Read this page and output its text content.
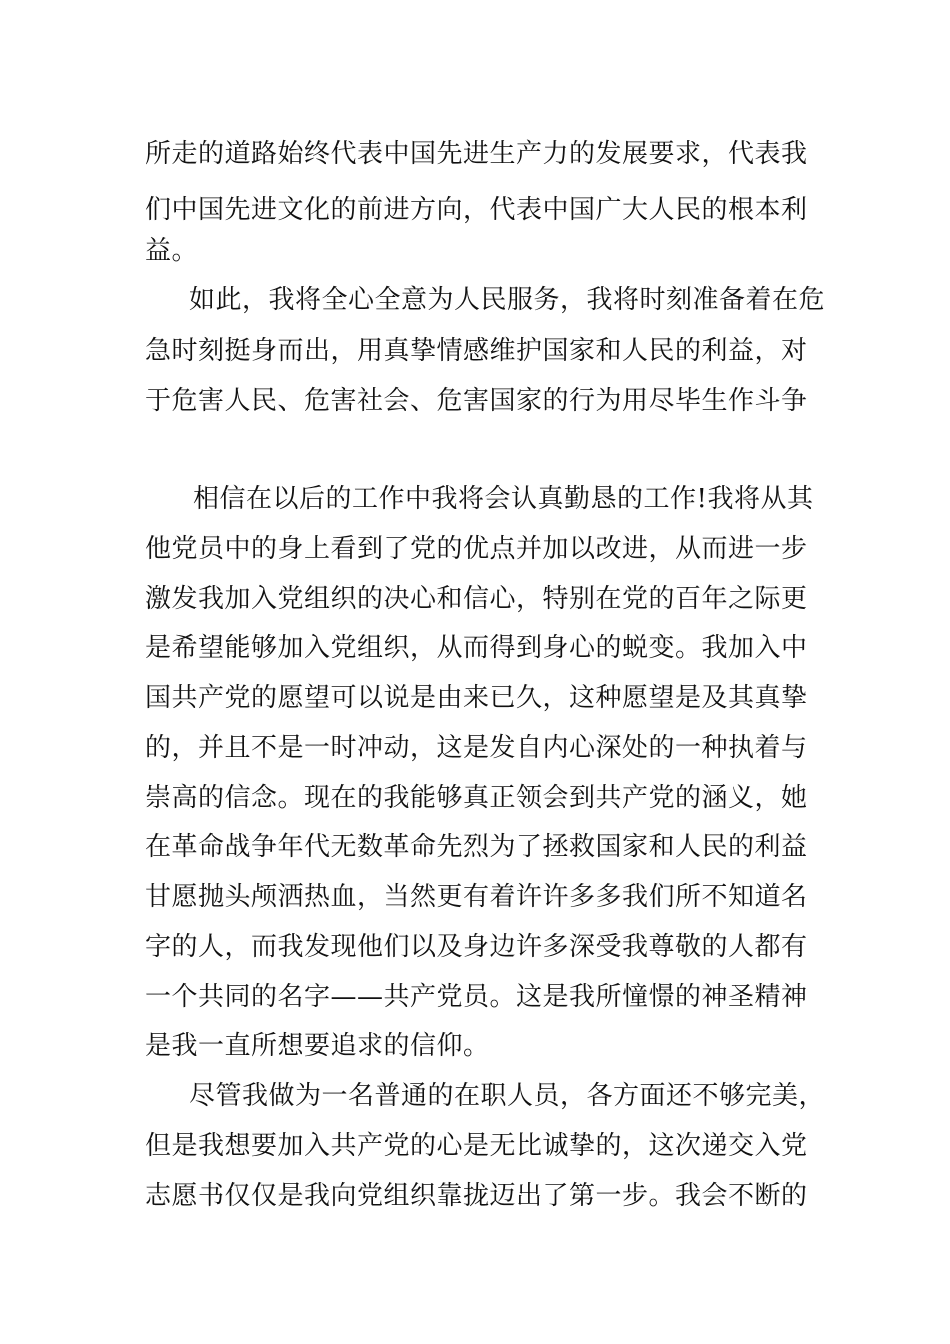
所走的道路始终代表中国先进生产力的发展要求，代表我
们中国先进文化的前进方向，代表中国广大人民的根本利
益。
如此，我将全心全意为人民服务，我将时刻准备着在危
急时刻挺身而出，用真挚情感维护国家和人民的利益，对
于危害人民、危害社会、危害国家的行为用尽毕生作斗争
相信在以后的工作中我将会认真勤恳的工作!我将从其
他党员中的身上看到了党的优点并加以改进，从而进一步
激发我加入党组织的决心和信心，特别在党的百年之际更
是希望能够加入党组织，从而得到身心的蜕变。我加入中
国共产党的愿望可以说是由来已久，这种愿望是及其真挚
的，并且不是一时冲动，这是发自内心深处的一种执着与
崇高的信念。现在的我能够真正领会到共产党的涵义，她
在革命战争年代无数革命先烈为了拯救国家和人民的利益
甘愿抛头颅洒热血，当然更有着许许多多我们所不知道名
字的人，而我发现他们以及身边许多深受我尊敬的人都有
一个共同的名字——共产党员。这是我所憧憬的神圣精神
是我一直所想要追求的信仰。
尽管我做为一名普通的在职人员，各方面还不够完美，
但是我想要加入共产党的心是无比诚挚的，这次递交入党
志愿书仅仅是我向党组织靠拢迈出了第一步。我会不断的
